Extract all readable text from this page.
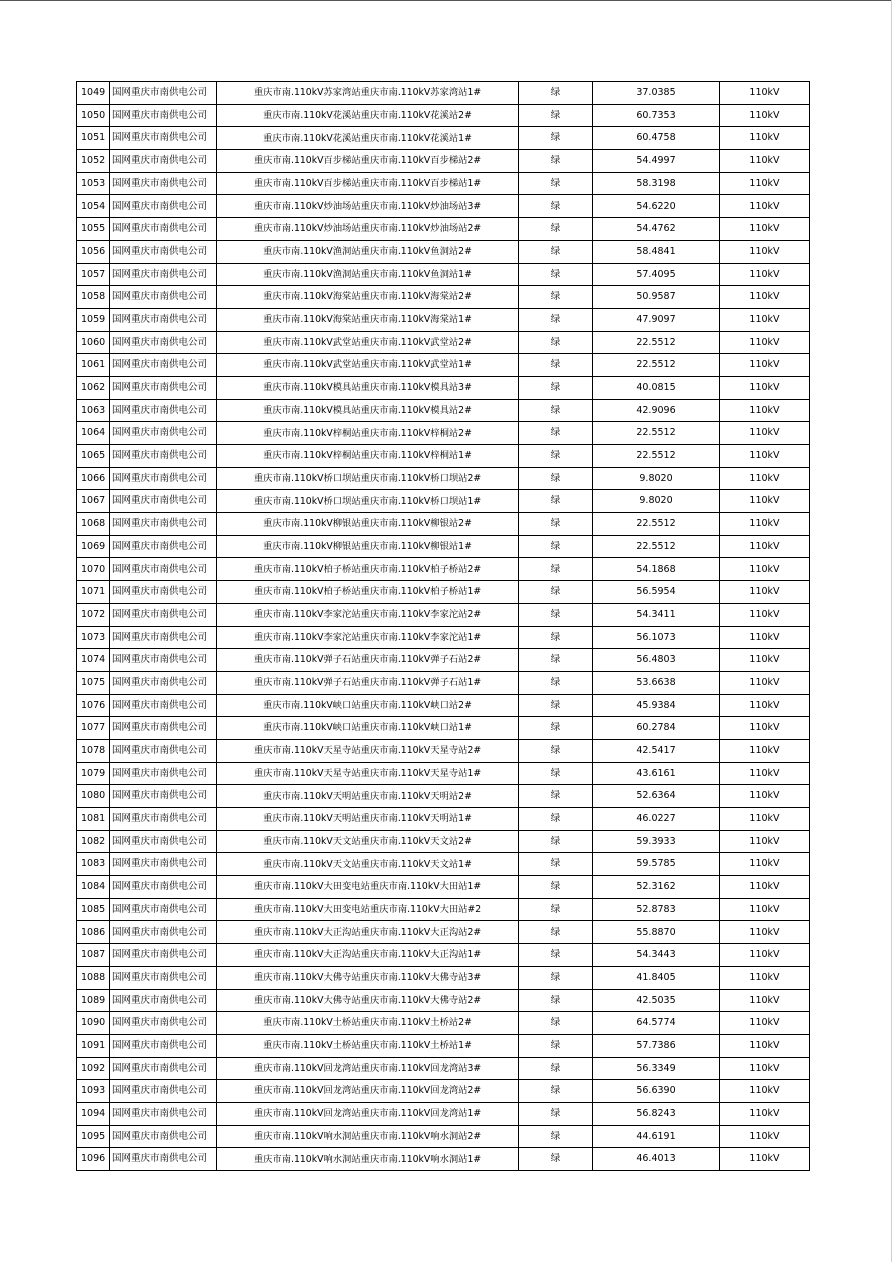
1049	国网重庆市南供电公司	重庆市南.110kV苏家湾站重庆市南.110kV苏家湾站1#	绿	37.0385	110kV
1050	国网重庆市南供电公司	重庆市南.110kV花溪站重庆市南.110kV花溪站2#	绿	60.7353	110kV
1051	国网重庆市南供电公司	重庆市南.110kV花溪站重庆市南.110kV花溪站1#	绿	60.4758	110kV
1052	国网重庆市南供电公司	重庆市南.110kV百步梯站重庆市南.110kV百步梯站2#	绿	54.4997	110kV
1053	国网重庆市南供电公司	重庆市南.110kV百步梯站重庆市南.110kV百步梯站1#	绿	58.3198	110kV
1054	国网重庆市南供电公司	重庆市南.110kV炒油场站重庆市南.110kV炒油场站3#	绿	54.6220	110kV
1055	国网重庆市南供电公司	重庆市南.110kV炒油场站重庆市南.110kV炒油场站2#	绿	54.4762	110kV
1056	国网重庆市南供电公司	重庆市南.110kV渔洞站重庆市南.110kV鱼洞站2#	绿	58.4841	110kV
1057	国网重庆市南供电公司	重庆市南.110kV渔洞站重庆市南.110kV鱼洞站1#	绿	57.4095	110kV
1058	国网重庆市南供电公司	重庆市南.110kV海棠站重庆市南.110kV海棠站2#	绿	50.9587	110kV
1059	国网重庆市南供电公司	重庆市南.110kV海棠站重庆市南.110kV海棠站1#	绿	47.9097	110kV
1060	国网重庆市南供电公司	重庆市南.110kV武堂站重庆市南.110kV武堂站2#	绿	22.5512	110kV
1061	国网重庆市南供电公司	重庆市南.110kV武堂站重庆市南.110kV武堂站1#	绿	22.5512	110kV
1062	国网重庆市南供电公司	重庆市南.110kV模具站重庆市南.110kV模具站3#	绿	40.0815	110kV
1063	国网重庆市南供电公司	重庆市南.110kV模具站重庆市南.110kV模具站2#	绿	42.9096	110kV
1064	国网重庆市南供电公司	重庆市南.110kV梓桐站重庆市南.110kV梓桐站2#	绿	22.5512	110kV
1065	国网重庆市南供电公司	重庆市南.110kV梓桐站重庆市南.110kV梓桐站1#	绿	22.5512	110kV
1066	国网重庆市南供电公司	重庆市南.110kV桥口坝站重庆市南.110kV桥口坝站2#	绿	9.8020	110kV
1067	国网重庆市南供电公司	重庆市南.110kV桥口坝站重庆市南.110kV桥口坝站1#	绿	9.8020	110kV
1068	国网重庆市南供电公司	重庆市南.110kV柳银站重庆市南.110kV柳银站2#	绿	22.5512	110kV
1069	国网重庆市南供电公司	重庆市南.110kV柳银站重庆市南.110kV柳银站1#	绿	22.5512	110kV
1070	国网重庆市南供电公司	重庆市南.110kV柏子桥站重庆市南.110kV柏子桥站2#	绿	54.1868	110kV
1071	国网重庆市南供电公司	重庆市南.110kV柏子桥站重庆市南.110kV柏子桥站1#	绿	56.5954	110kV
1072	国网重庆市南供电公司	重庆市南.110kV李家沱站重庆市南.110kV李家沱站2#	绿	54.3411	110kV
1073	国网重庆市南供电公司	重庆市南.110kV李家沱站重庆市南.110kV李家沱站1#	绿	56.1073	110kV
1074	国网重庆市南供电公司	重庆市南.110kV弹子石站重庆市南.110kV弹子石站2#	绿	56.4803	110kV
1075	国网重庆市南供电公司	重庆市南.110kV弹子石站重庆市南.110kV弹子石站1#	绿	53.6638	110kV
1076	国网重庆市南供电公司	重庆市南.110kV峡口站重庆市南.110kV峡口站2#	绿	45.9384	110kV
1077	国网重庆市南供电公司	重庆市南.110kV峡口站重庆市南.110kV峡口站1#	绿	60.2784	110kV
1078	国网重庆市南供电公司	重庆市南.110kV天星寺站重庆市南.110kV天星寺站2#	绿	42.5417	110kV
1079	国网重庆市南供电公司	重庆市南.110kV天星寺站重庆市南.110kV天星寺站1#	绿	43.6161	110kV
1080	国网重庆市南供电公司	重庆市南.110kV天明站重庆市南.110kV天明站2#	绿	52.6364	110kV
1081	国网重庆市南供电公司	重庆市南.110kV天明站重庆市南.110kV天明站1#	绿	46.0227	110kV
1082	国网重庆市南供电公司	重庆市南.110kV天文站重庆市南.110kV天文站2#	绿	59.3933	110kV
1083	国网重庆市南供电公司	重庆市南.110kV天文站重庆市南.110kV天文站1#	绿	59.5785	110kV
1084	国网重庆市南供电公司	重庆市南.110kV大田变电站重庆市南.110kV大田站1#	绿	52.3162	110kV
1085	国网重庆市南供电公司	重庆市南.110kV大田变电站重庆市南.110kV大田站#2	绿	52.8783	110kV
1086	国网重庆市南供电公司	重庆市南.110kV大正沟站重庆市南.110kV大正沟站2#	绿	55.8870	110kV
1087	国网重庆市南供电公司	重庆市南.110kV大正沟站重庆市南.110kV大正沟站1#	绿	54.3443	110kV
1088	国网重庆市南供电公司	重庆市南.110kV大佛寺站重庆市南.110kV大佛寺站3#	绿	41.8405	110kV
1089	国网重庆市南供电公司	重庆市南.110kV大佛寺站重庆市南.110kV大佛寺站2#	绿	42.5035	110kV
1090	国网重庆市南供电公司	重庆市南.110kV土桥站重庆市南.110kV土桥站2#	绿	64.5774	110kV
1091	国网重庆市南供电公司	重庆市南.110kV土桥站重庆市南.110kV土桥站1#	绿	57.7386	110kV
1092	国网重庆市南供电公司	重庆市南.110kV回龙湾站重庆市南.110kV回龙湾站3#	绿	56.3349	110kV
1093	国网重庆市南供电公司	重庆市南.110kV回龙湾站重庆市南.110kV回龙湾站2#	绿	56.6390	110kV
1094	国网重庆市南供电公司	重庆市南.110kV回龙湾站重庆市南.110kV回龙湾站1#	绿	56.8243	110kV
1095	国网重庆市南供电公司	重庆市南.110kV响水洞站重庆市南.110kV响水洞站2#	绿	44.6191	110kV
1096	国网重庆市南供电公司	重庆市南.110kV响水洞站重庆市南.110kV响水洞站1#	绿	46.4013	110kV
